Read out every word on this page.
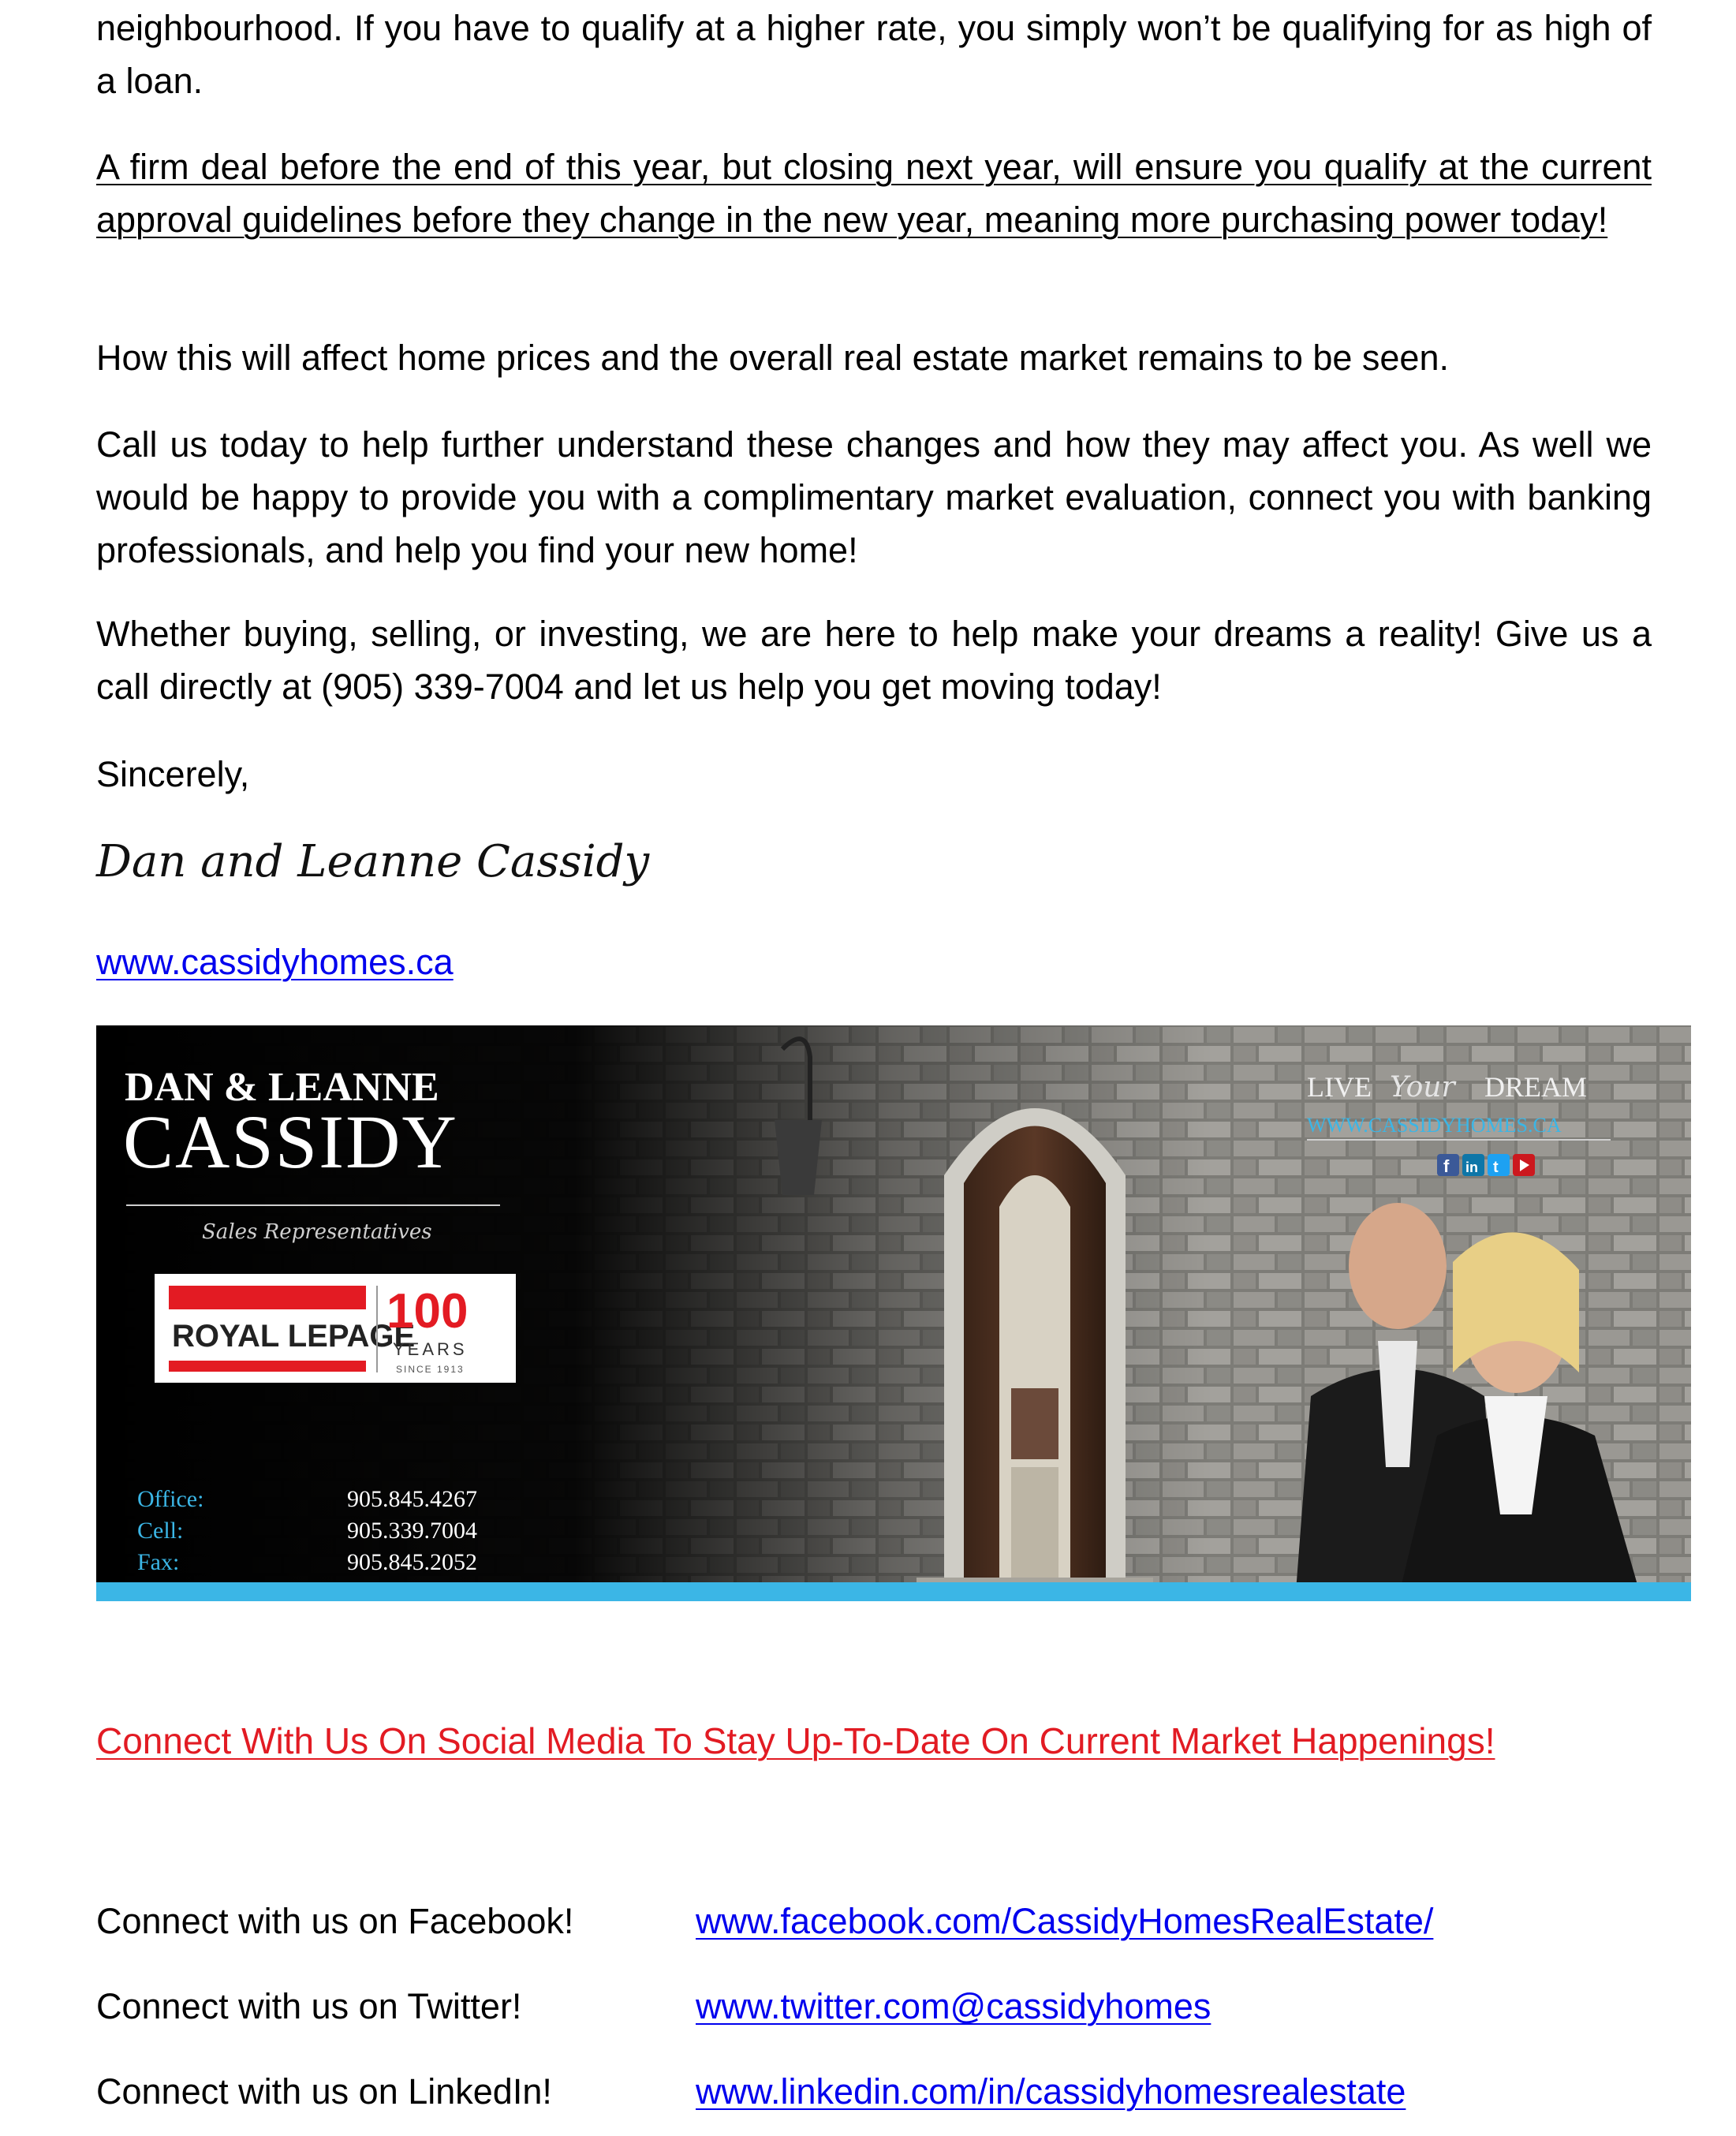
neighbourhood. If you have to qualify at a higher rate, you simply won’t be qualifying for as high of a loan.

A firm deal before the end of this year, but closing next year, will ensure you qualify at the current approval guidelines before they change in the new year, meaning more purchasing power today!

How this will affect home prices and the overall real estate market remains to be seen.

Call us today to help further understand these changes and how they may affect you. As well we would be happy to provide you with a complimentary market evaluation, connect you with banking professionals, and help you find your new home!

Whether buying, selling, or investing, we are here to help make your dreams a reality! Give us a call directly at (905) 339-7004 and let us help you get moving today!

Sincerely,

Dan and Leanne Cassidy
www.cassidyhomes.ca
DAN & LEANNE
CASSIDY
Sales Representatives
ROYAL LEPAGE
100
YEARS
SINCE 1913
Office:	905.845.4267
Cell:	905.339.7004
Fax:	905.845.2052
LIVE Your DREAM
WWW.CASSIDYHOMES.CA
f in t
Connect With Us On Social Media To Stay Up-To-Date On Current Market Happenings!
Connect with us on Facebook!	www.facebook.com/CassidyHomesRealEstate/
Connect with us on Twitter!	www.twitter.com@cassidyhomes
Connect with us on LinkedIn!	www.linkedin.com/in/cassidyhomesrealestate
